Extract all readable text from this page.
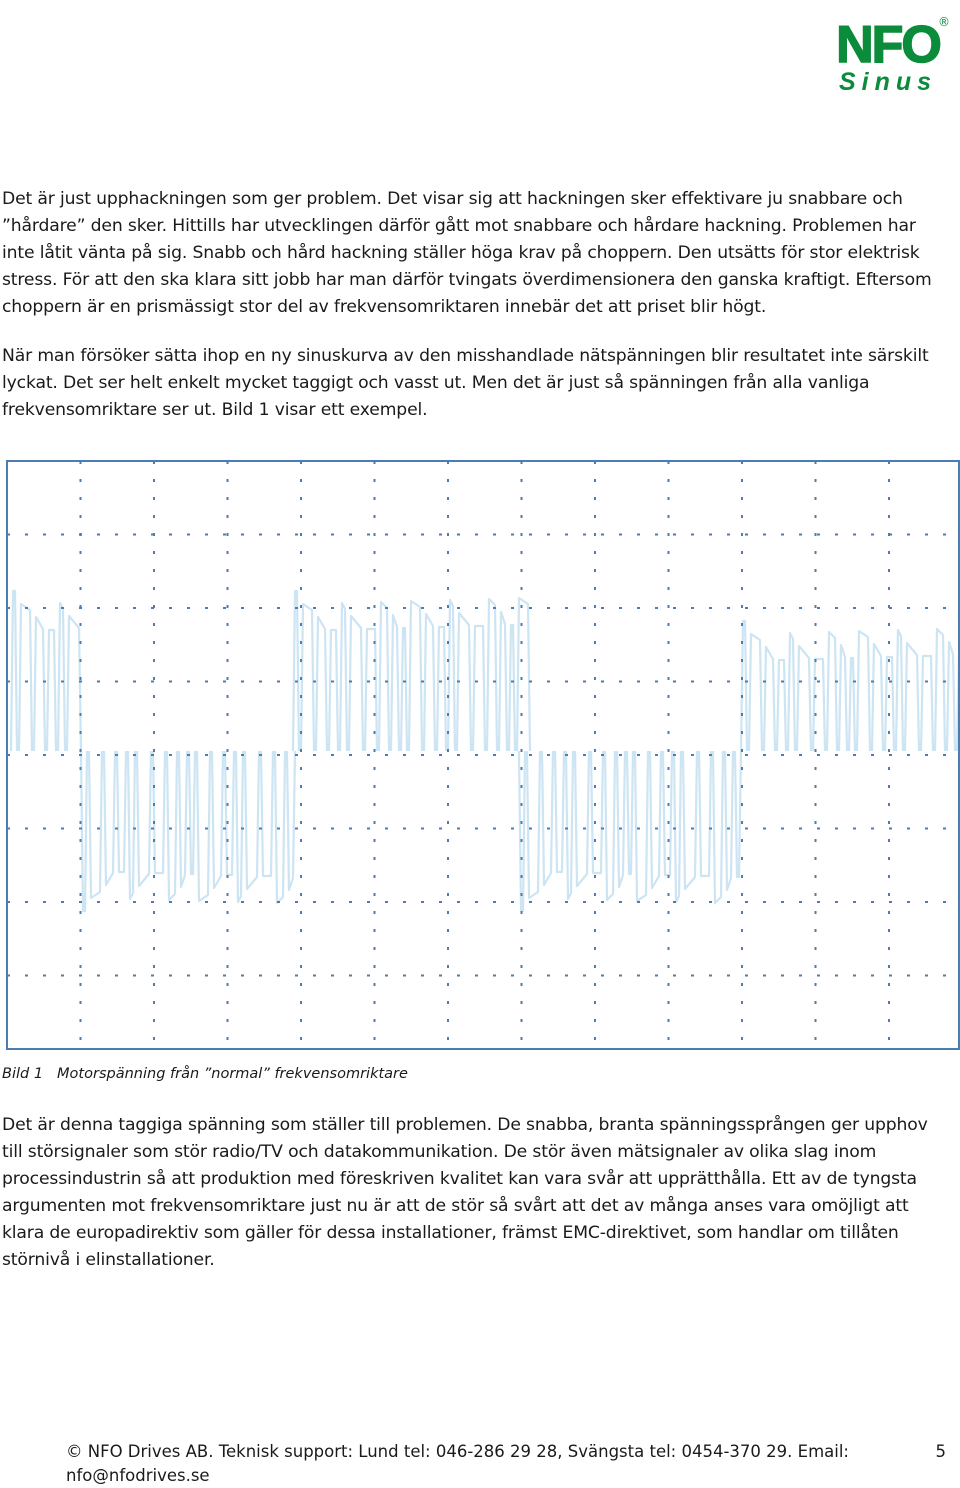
NFO
®
Sinus

Det är just upphackningen som ger problem. Det visar sig att hackningen sker effektivare ju snabbare och ”hårdare” den sker. Hittills har utvecklingen därför gått mot snabbare och hårdare hackning. Problemen har inte låtit vänta på sig. Snabb och hård hackning ställer höga krav på choppern. Den utsätts för stor elektrisk stress. För att den ska klara sitt jobb har man därför tvingats överdimensionera den ganska kraftigt. Eftersom choppern är en prismässigt stor del av frekvensomriktaren innebär det att priset blir högt.

När man försöker sätta ihop en ny sinuskurva av den misshandlade nätspänningen blir resultatet inte särskilt lyckat. Det ser helt enkelt mycket taggigt och vasst ut. Men det är just så spänningen från alla vanliga frekvensomriktare ser ut. Bild 1 visar ett exempel.

Bild 1 Motorspänning från ”normal” frekvensomriktare

Det är denna taggiga spänning som ställer till problemen. De snabba, branta spänningssprången ger upphov till störsignaler som stör radio/TV och datakommunikation. De stör även mätsignaler av olika slag inom processindustrin så att produktion med föreskriven kvalitet kan vara svår att upprätthålla. Ett av de tyngsta argumenten mot frekvensomriktare just nu är att de stör så svårt att det av många anses vara omöjligt att klara de europadirektiv som gäller för dessa installationer, främst EMC-direktivet, som handlar om tillåten störnivå i elinstallationer.

© NFO Drives AB. Teknisk support: Lund tel: 046-286 29 28, Svängsta tel: 0454-370 29. Email: nfo@nfodrives.se

5
